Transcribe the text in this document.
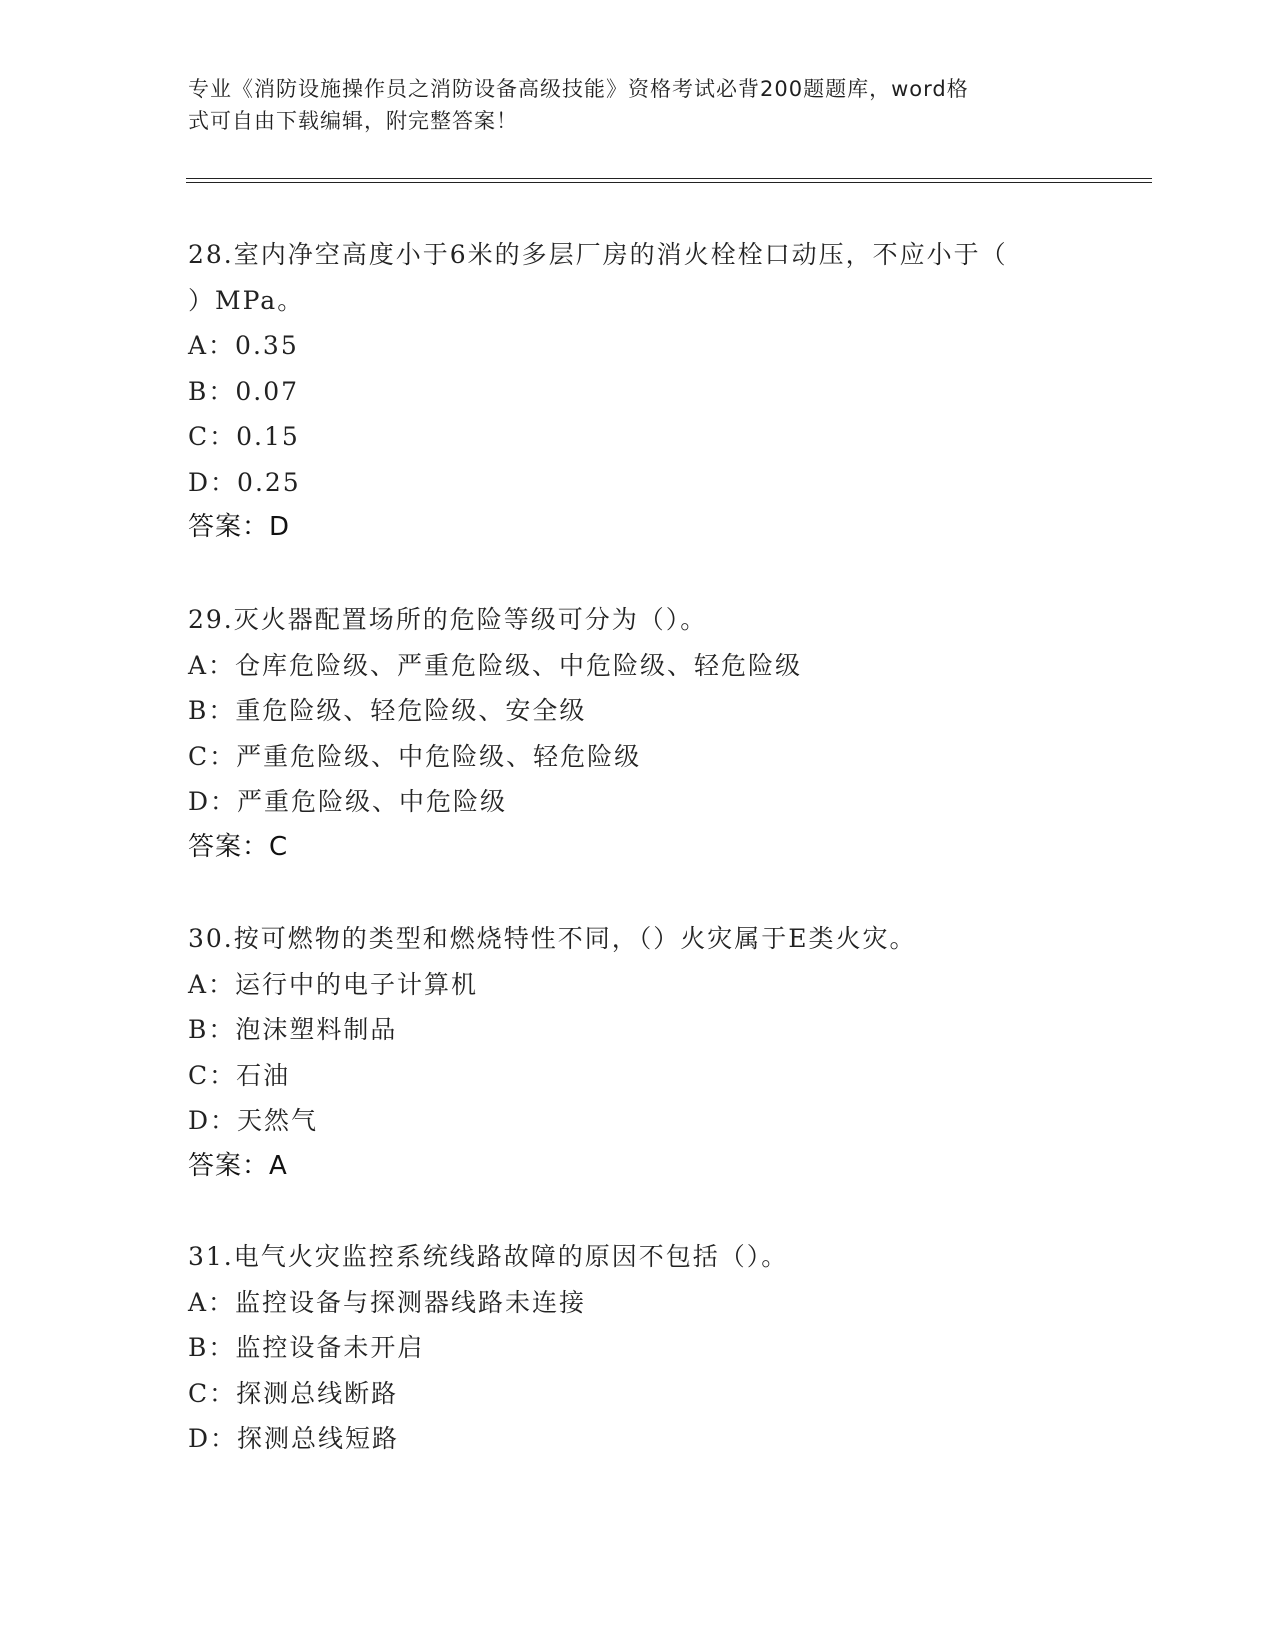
专业《消防设施操作员之消防设备高级技能》资格考试必背200题题库，word格
式可自由下载编辑，附完整答案！
28.室内净空高度小于6米的多层厂房的消火栓栓口动压，不应小于（
）MPa。
A：0.35
B：0.07
C：0.15
D：0.25
答案：D
29.灭火器配置场所的危险等级可分为（）。
A：仓库危险级、严重危险级、中危险级、轻危险级
B：重危险级、轻危险级、安全级
C：严重危险级、中危险级、轻危险级
D：严重危险级、中危险级
答案：C
30.按可燃物的类型和燃烧特性不同，（）火灾属于E类火灾。
A：运行中的电子计算机
B：泡沫塑料制品
C：石油
D：天然气
答案：A
31.电气火灾监控系统线路故障的原因不包括（）。
A：监控设备与探测器线路未连接
B：监控设备未开启
C：探测总线断路
D：探测总线短路
